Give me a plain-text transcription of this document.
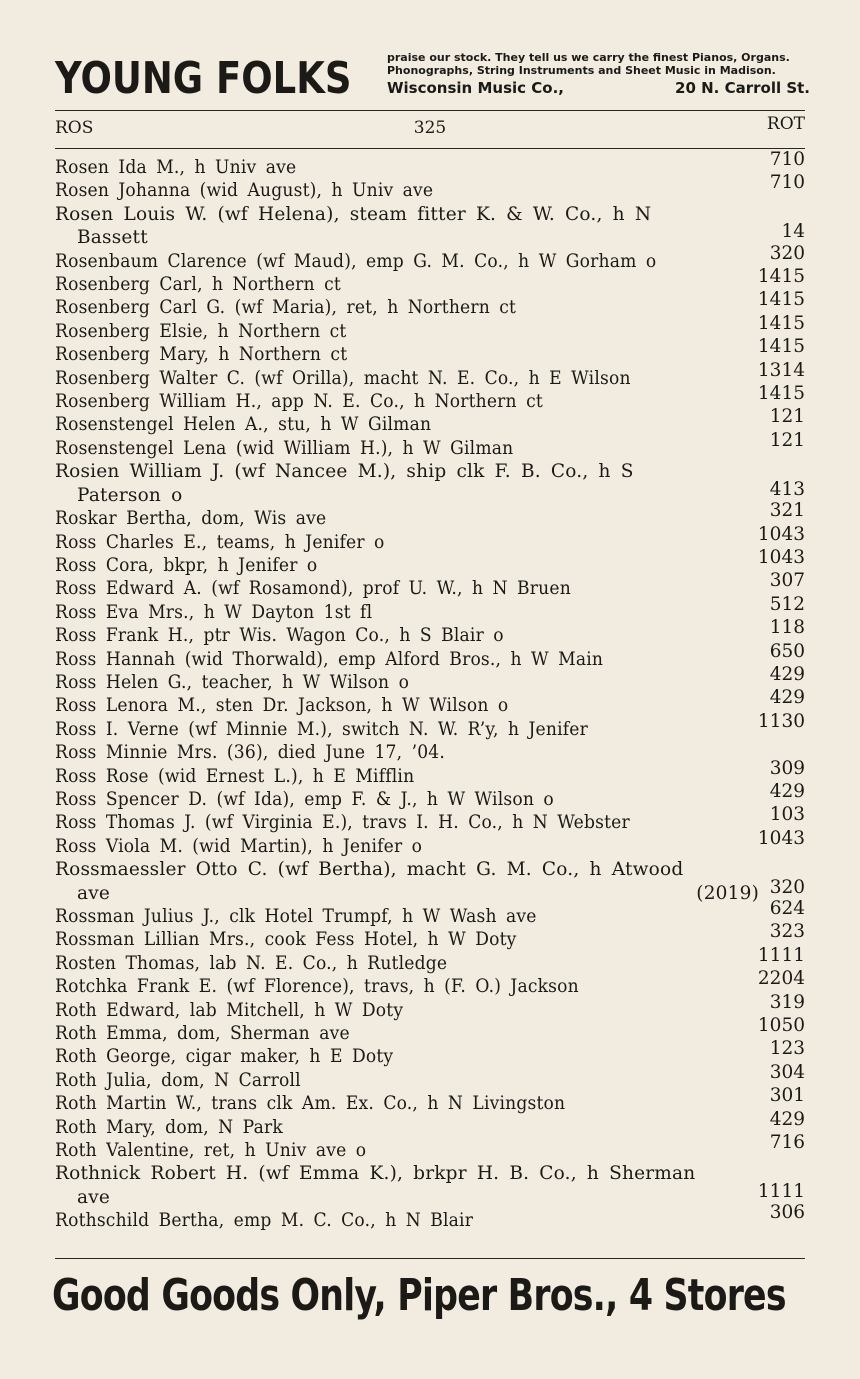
YOUNG FOLKS	praise our stock. They tell us we carry the finest Pianos, Organs.
Phonographs, String Instruments and Sheet Music in Madison.
Wisconsin Music Co.,	20 N. Carroll St.
ROS	325	ROT
Rosen Ida M., h Univ ave	710
Rosen Johanna (wid August), h Univ ave	710
Rosen Louis W. (wf Helena), steam fitter K. & W. Co., h N
Bassett	14
Rosenbaum Clarence (wf Maud), emp G. M. Co., h W Gorham o	320
Rosenberg Carl, h Northern ct	1415
Rosenberg Carl G. (wf Maria), ret, h Northern ct	1415
Rosenberg Elsie, h Northern ct	1415
Rosenberg Mary, h Northern ct	1415
Rosenberg Walter C. (wf Orilla), macht N. E. Co., h E Wilson	1314
Rosenberg William H., app N. E. Co., h Northern ct	1415
Rosenstengel Helen A., stu, h W Gilman	121
Rosenstengel Lena (wid William H.), h W Gilman	121
Rosien William J. (wf Nancee M.), ship clk F. B. Co., h S
Paterson o	413
Roskar Bertha, dom, Wis ave	321
Ross Charles E., teams, h Jenifer o	1043
Ross Cora, bkpr, h Jenifer o	1043
Ross Edward A. (wf Rosamond), prof U. W., h N Bruen	307
Ross Eva Mrs., h W Dayton 1st fl	512
Ross Frank H., ptr Wis. Wagon Co., h S Blair o	118
Ross Hannah (wid Thorwald), emp Alford Bros., h W Main	650
Ross Helen G., teacher, h W Wilson o	429
Ross Lenora M., sten Dr. Jackson, h W Wilson o	429
Ross I. Verne (wf Minnie M.), switch N. W. R’y, h Jenifer	1130
Ross Minnie Mrs. (36), died June 17, ’04.
Ross Rose (wid Ernest L.), h E Mifflin	309
Ross Spencer D. (wf Ida), emp F. & J., h W Wilson o	429
Ross Thomas J. (wf Virginia E.), travs I. H. Co., h N Webster	103
Ross Viola M. (wid Martin), h Jenifer o	1043
Rossmaessler Otto C. (wf Bertha), macht G. M. Co., h Atwood
ave	(2019) 320
Rossman Julius J., clk Hotel Trumpf, h W Wash ave	624
Rossman Lillian Mrs., cook Fess Hotel, h W Doty	323
Rosten Thomas, lab N. E. Co., h Rutledge	1111
Rotchka Frank E. (wf Florence), travs, h (F. O.) Jackson	2204
Roth Edward, lab Mitchell, h W Doty	319
Roth Emma, dom, Sherman ave	1050
Roth George, cigar maker, h E Doty	123
Roth Julia, dom, N Carroll	304
Roth Martin W., trans clk Am. Ex. Co., h N Livingston	301
Roth Mary, dom, N Park	429
Roth Valentine, ret, h Univ ave o	716
Rothnick Robert H. (wf Emma K.), brkpr H. B. Co., h Sherman
ave	1111
Rothschild Bertha, emp M. C. Co., h N Blair	306
Good Goods Only, Piper Bros., 4 Stores
